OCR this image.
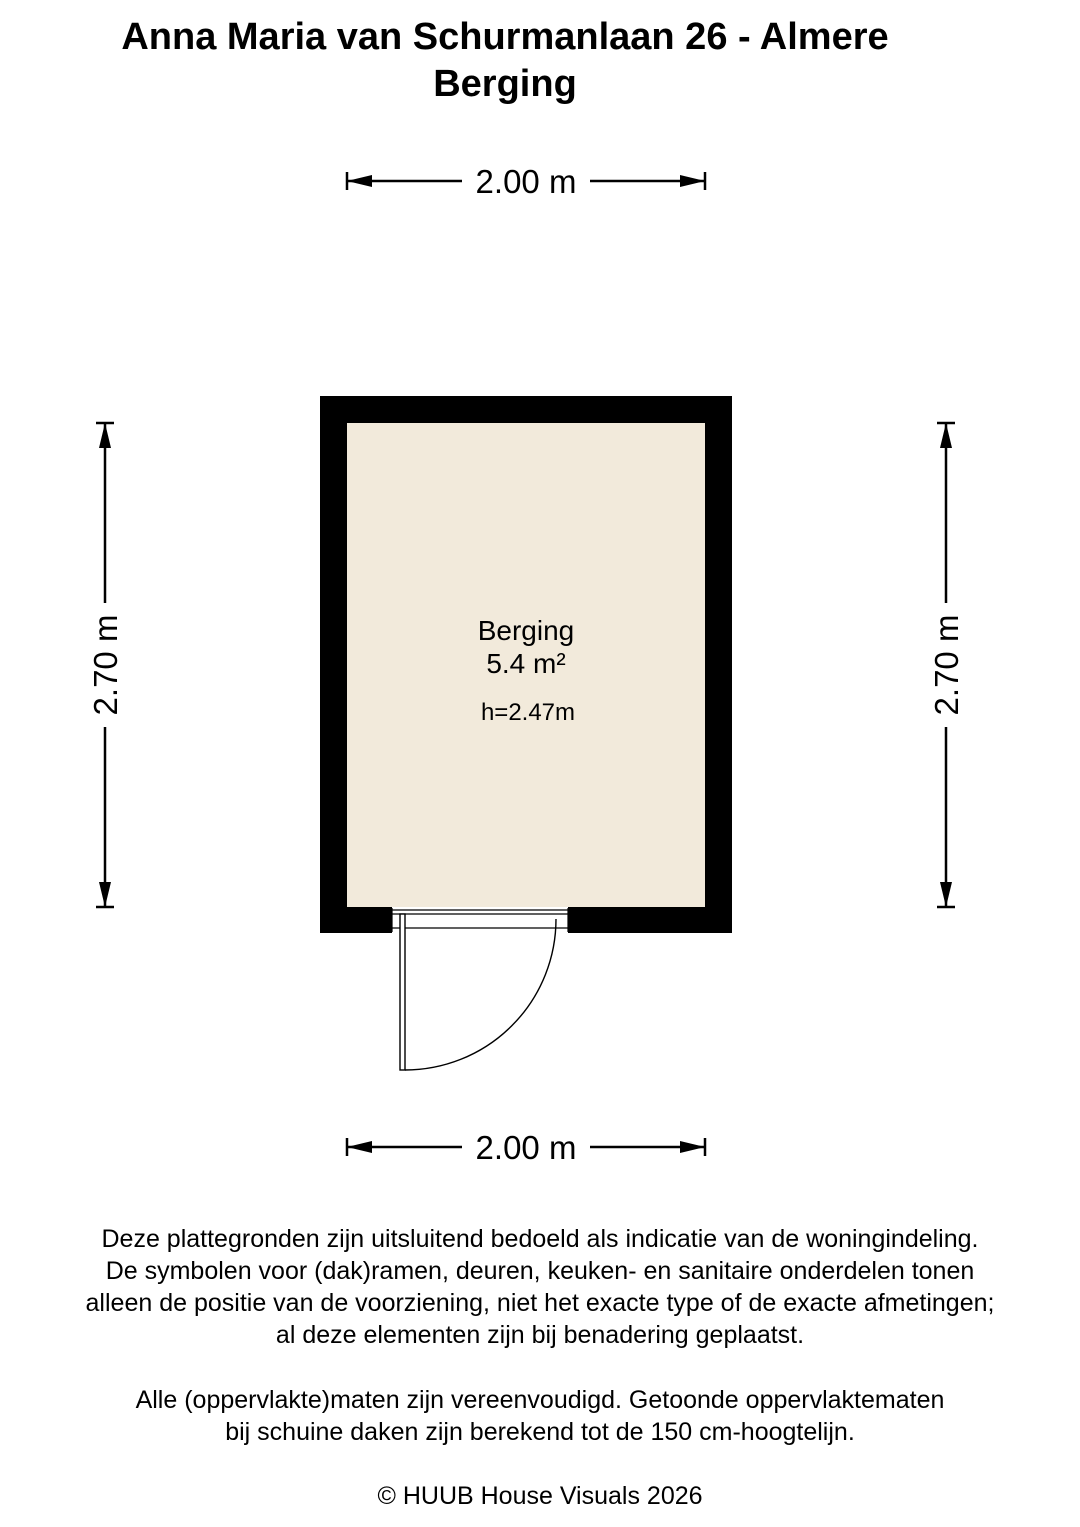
Anna Maria van Schurmanlaan 26 - Almere
Berging
2.00 m
2.00 m
2.70 m	2.70 m
Berging
5.4 m²
h=2.47m
Deze plattegronden zijn uitsluitend bedoeld als indicatie van de woningindeling.
De symbolen voor (dak)ramen, deuren, keuken- en sanitaire onderdelen tonen
alleen de positie van de voorziening, niet het exacte type of de exacte afmetingen;
al deze elementen zijn bij benadering geplaatst.
Alle (oppervlakte)maten zijn vereenvoudigd. Getoonde oppervlaktematen
bij schuine daken zijn berekend tot de 150 cm-hoogtelijn.
© HUUB House Visuals 2026
